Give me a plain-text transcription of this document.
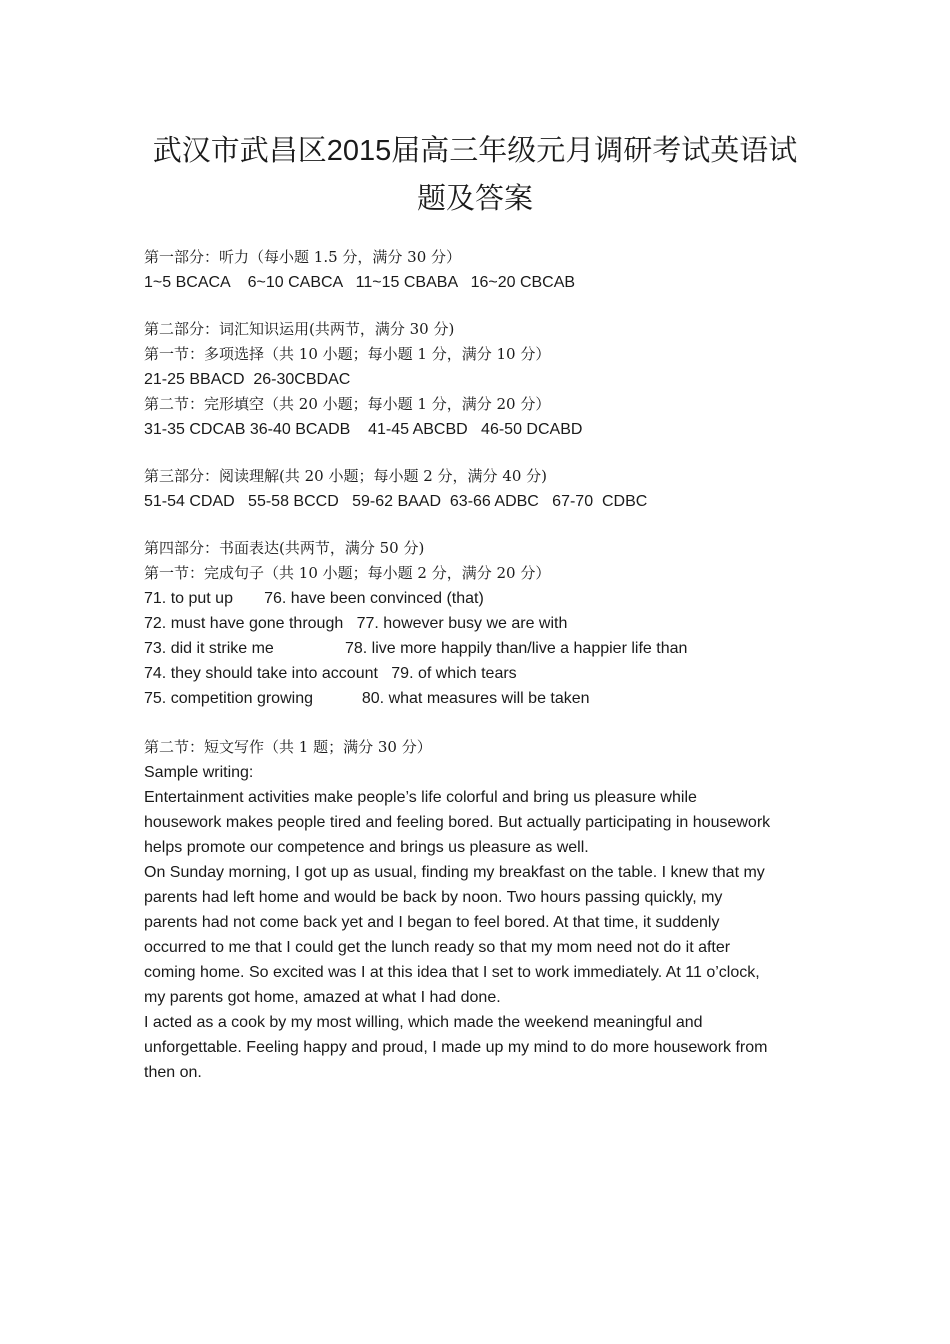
武汉市武昌区2015届高三年级元月调研考试英语试
题及答案
第一部分：听力（每小题 1.5 分，满分 30 分）
1~5 BCACA    6~10 CABCA   11~15 CBABA   16~20 CBCAB
第二部分：词汇知识运用(共两节，满分 30 分)
第一节：多项选择（共 10 小题；每小题 1 分，满分 10 分）
21-25 BBACD  26-30CBDAC
第二节：完形填空（共 20 小题；每小题 1 分，满分 20 分）
31-35 CDCAB 36-40 BCADB    41-45 ABCBD   46-50 DCABD
第三部分：阅读理解(共 20 小题；每小题 2 分，满分 40 分)
51-54 CDAD   55-58 BCCD   59-62 BAAD  63-66 ADBC   67-70  CDBC
第四部分：书面表达(共两节，满分 50 分)
第一节：完成句子（共 10 小题；每小题 2 分，满分 20 分）
71. to put up       76. have been convinced (that)
72. must have gone through   77. however busy we are with
73. did it strike me                78. live more happily than/live a happier life than
74. they should take into account   79. of which tears
75. competition growing           80. what measures will be taken
第二节：短文写作（共 1 题；满分 30 分）
Sample writing:
Entertainment activities make people’s life colorful and bring us pleasure while
housework makes people tired and feeling bored. But actually participating in housework
helps promote our competence and brings us pleasure as well.
On Sunday morning, I got up as usual, finding my breakfast on the table. I knew that my
parents had left home and would be back by noon. Two hours passing quickly, my
parents had not come back yet and I began to feel bored. At that time, it suddenly
occurred to me that I could get the lunch ready so that my mom need not do it after
coming home. So excited was I at this idea that I set to work immediately. At 11 o’clock,
my parents got home, amazed at what I had done.
I acted as a cook by my most willing, which made the weekend meaningful and
unforgettable. Feeling happy and proud, I made up my mind to do more housework from
then on.
